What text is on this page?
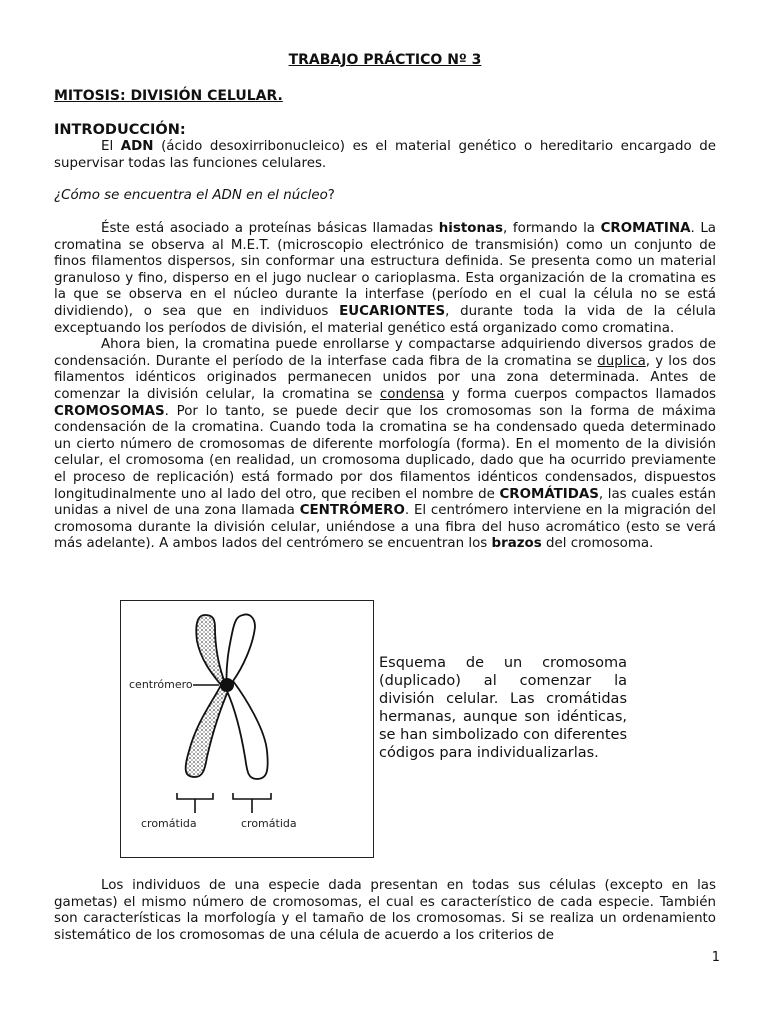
TRABAJO PRÁCTICO Nº 3
MITOSIS: DIVISIÓN CELULAR.
INTRODUCCIÓN:

El ADN (ácido desoxirribonucleico) es el material genético o hereditario encargado de supervisar todas las funciones celulares.

¿Cómo se encuentra el ADN en el núcleo?

Éste está asociado a proteínas básicas llamadas histonas, formando la CROMATINA. La cromatina se observa al M.E.T. (microscopio electrónico de transmisión) como un conjunto de finos filamentos dispersos, sin conformar una estructura definida. Se presenta como un material granuloso y fino, disperso en el jugo nuclear o carioplasma. Esta organización de la cromatina es la que se observa en el núcleo durante la interfase (período en el cual la célula no se está dividiendo), o sea que en individuos EUCARIONTES, durante toda la vida de la célula exceptuando los períodos de división, el material genético está organizado como cromatina.

Ahora bien, la cromatina puede enrollarse y compactarse adquiriendo diversos grados de condensación. Durante el período de la interfase cada fibra de la cromatina se duplica, y los dos filamentos idénticos originados permanecen unidos por una zona determinada. Antes de comenzar la división celular, la cromatina se condensa y forma cuerpos compactos llamados CROMOSOMAS. Por lo tanto, se puede decir que los cromosomas son la forma de máxima condensación de la cromatina. Cuando toda la cromatina se ha condensado queda determinado un cierto número de cromosomas de diferente morfología (forma). En el momento de la división celular, el cromosoma (en realidad, un cromosoma duplicado, dado que ha ocurrido previamente el proceso de replicación) está formado por dos filamentos idénticos condensados, dispuestos longitudinalmente uno al lado del otro, que reciben el nombre de CROMÁTIDAS, las cuales están unidas a nivel de una zona llamada CENTRÓMERO. El centrómero interviene en la migración del cromosoma durante la división celular, uniéndose a una fibra del huso acromático (esto se verá más adelante). A ambos lados del centrómero se encuentran los brazos del cromosoma.

centrómero
cromátida	cromátida
Esquema de un cromosoma (duplicado) al comenzar la división celular. Las cromátidas hermanas, aunque son idénticas, se han simbolizado con diferentes códigos para individualizarlas.

Los individuos de una especie dada presentan en todas sus células (excepto en las gametas) el mismo número de cromosomas, el cual es característico de cada especie. También son características la morfología y el tamaño de los cromosomas. Si se realiza un ordenamiento sistemático de los cromosomas de una célula de acuerdo a los criterios de

1
